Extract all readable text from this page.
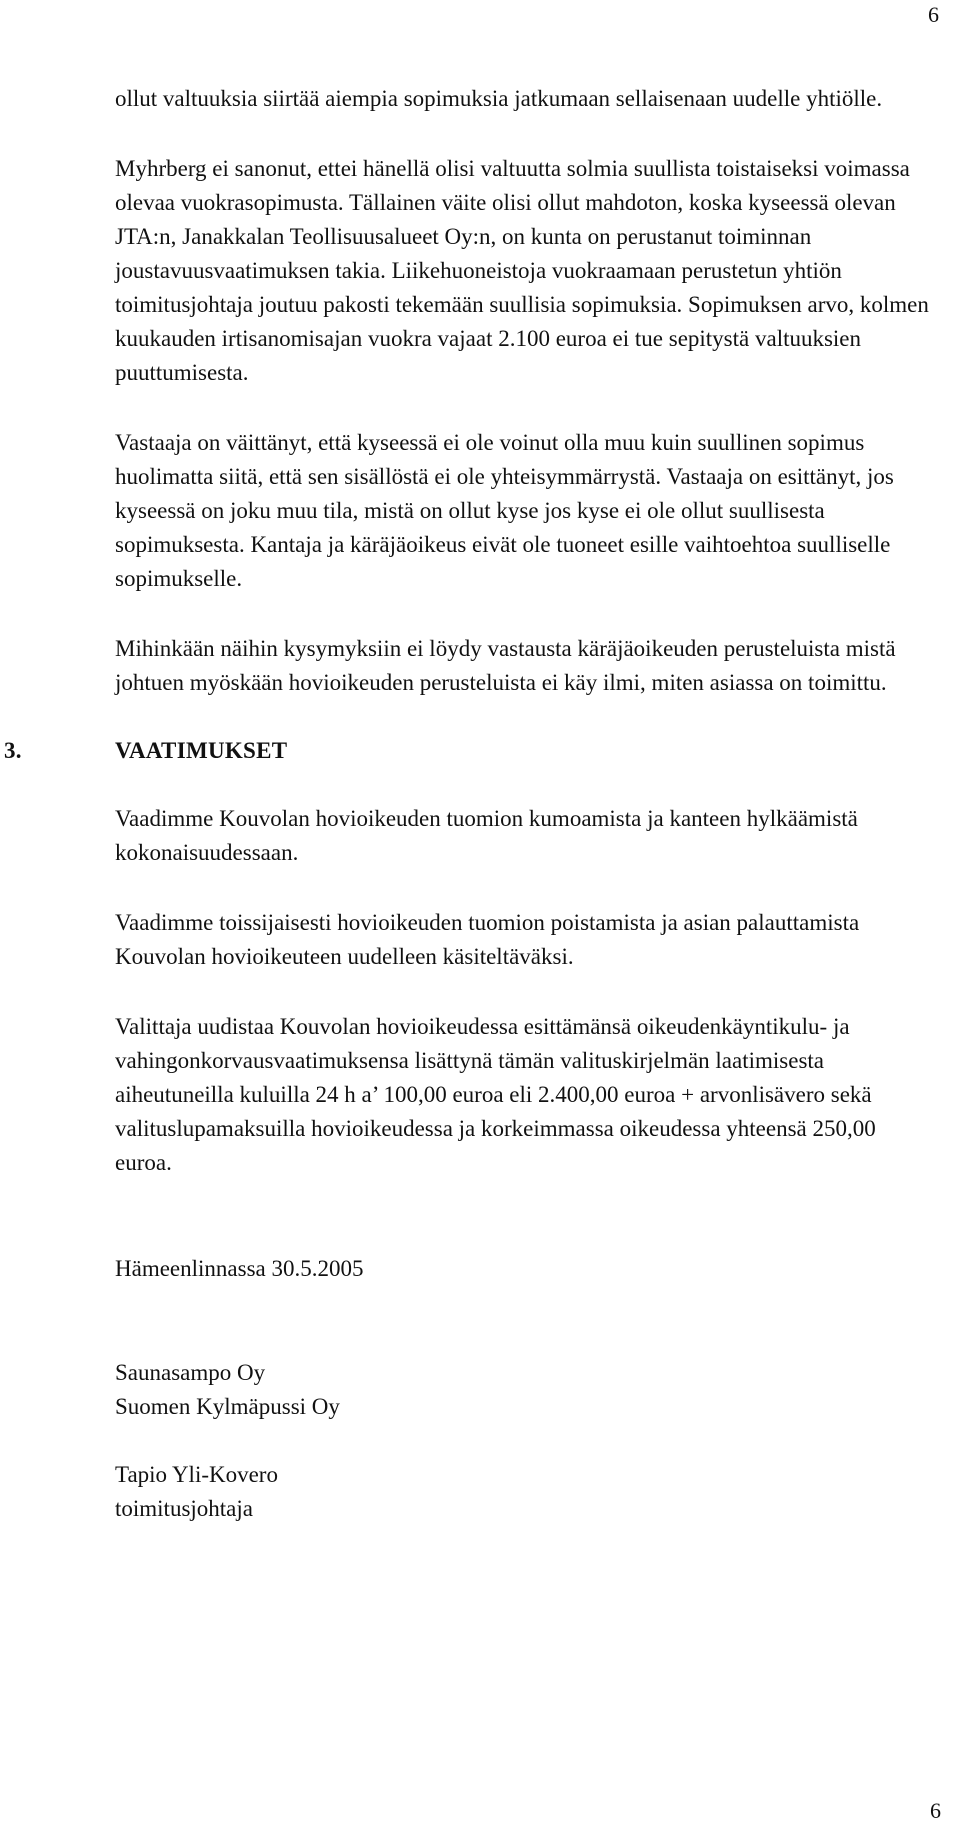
6

ollut valtuuksia siirtää aiempia sopimuksia jatkumaan sellaisenaan uudelle yhtiölle.

Myhrberg ei sanonut, ettei hänellä olisi valtuutta solmia suullista toistaiseksi voimassa olevaa vuokrasopimusta. Tällainen väite olisi ollut mahdoton, koska kyseessä olevan JTA:n, Janakkalan Teollisuusalueet Oy:n, on kunta on perustanut toiminnan joustavuusvaatimuksen takia. Liikehuoneistoja vuokraamaan perustetun yhtiön toimitusjohtaja joutuu pakosti tekemään suullisia sopimuksia. Sopimuksen arvo, kolmen kuukauden irtisanomisajan vuokra vajaat 2.100 euroa ei tue sepitystä valtuuksien puuttumisesta.

Vastaaja on väittänyt, että kyseessä ei ole voinut olla muu kuin suullinen sopimus huolimatta siitä, että sen sisällöstä ei ole yhteisymmärrystä. Vastaaja on esittänyt, jos kyseessä on joku muu tila, mistä on ollut kyse jos kyse ei ole ollut suullisesta sopimuksesta. Kantaja ja käräjäoikeus eivät ole tuoneet esille vaihtoehtoa suulliselle sopimukselle.

Mihinkään näihin kysymyksiin ei löydy vastausta käräjäoikeuden perusteluista mistä johtuen myöskään hovioikeuden perusteluista ei käy ilmi, miten asiassa on toimittu.

3.	VAATIMUKSET

Vaadimme Kouvolan hovioikeuden tuomion kumoamista ja kanteen hylkäämistä kokonaisuudessaan.

Vaadimme toissijaisesti hovioikeuden tuomion poistamista ja asian palauttamista Kouvolan hovioikeuteen uudelleen käsiteltäväksi.

Valittaja uudistaa Kouvolan hovioikeudessa esittämänsä oikeudenkäyntikulu- ja vahingonkorvausvaatimuksensa lisättynä tämän valituskirjelmän laatimisesta aiheutuneilla kuluilla 24 h a’ 100,00 euroa eli 2.400,00 euroa + arvonlisävero sekä valituslupamaksuilla hovioikeudessa ja korkeimmassa oikeudessa yhteensä 250,00 euroa.

Hämeenlinnassa 30.5.2005

Saunasampo Oy

Suomen Kylmäpussi Oy

Tapio Yli-Kovero

toimitusjohtaja

6
